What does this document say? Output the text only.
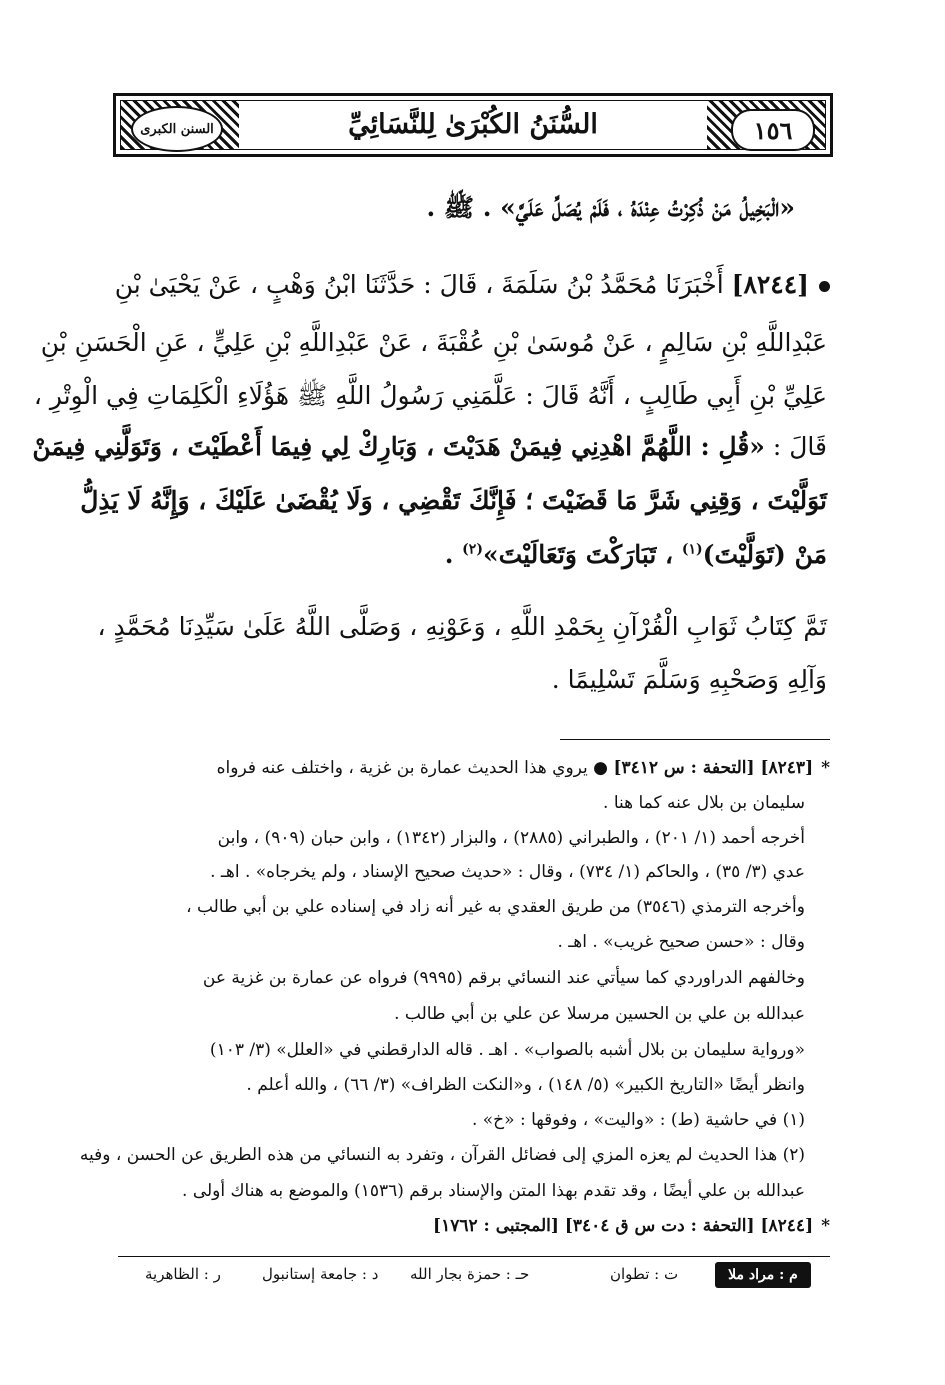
١٥٦
السُّنَنُ الكُبْرَىٰ لِلنَّسَائِيِّ
السنن الكبرى
«الْبَخِيلُ مَنْ ذُكِرْتُ عِنْدَهُ ، فَلَمْ يُصَلِّ عَلَيَّ» . ﷺ .
[٨٢٤٤] أَخْبَرَنَا مُحَمَّدُ بْنُ سَلَمَةَ ، قَالَ : حَدَّثَنَا ابْنُ وَهْبٍ ، عَنْ يَحْيَىٰ بْنِ
عَبْدِاللَّهِ بْنِ سَالِمٍ ، عَنْ مُوسَىٰ بْنِ عُقْبَةَ ، عَنْ عَبْدِاللَّهِ بْنِ عَلِيٍّ ، عَنِ الْحَسَنِ بْنِ
عَلِيِّ بْنِ أَبِي طَالِبٍ ، أَنَّهُ قَالَ : عَلَّمَنِي رَسُولُ اللَّهِ ﷺ هَؤُلَاءِ الْكَلِمَاتِ فِي الْوِتْرِ ،
قَالَ : «قُلِ : اللَّهُمَّ اهْدِنِي فِيمَنْ هَدَيْتَ ، وَبَارِكْ لِي فِيمَا أَعْطَيْتَ ، وَتَوَلَّنِي فِيمَنْ
تَوَلَّيْتَ ، وَقِنِي شَرَّ مَا قَضَيْتَ ؛ فَإِنَّكَ تَقْضِي ، وَلَا يُقْضَىٰ عَلَيْكَ ، وَإِنَّهُ لَا يَذِلُّ
مَنْ (تَوَلَّيْتَ)$^{(١)}$ ، تَبَارَكْتَ وَتَعَالَيْتَ»$^{(٢)}$ .
تَمَّ كِتَابُ ثَوَابِ الْقُرْآنِ بِحَمْدِ اللَّهِ ، وَعَوْنِهِ ، وَصَلَّى اللَّهُ عَلَىٰ سَيِّدِنَا مُحَمَّدٍ ،
وَآلِهِ وَصَحْبِهِ وَسَلَّمَ تَسْلِيمًا .
*[٨٢٤٣] [التحفة : س ٣٤١٢] ● يروي هذا الحديث عمارة بن غزية ، واختلف عنه فرواه
سليمان بن بلال عنه كما هنا .
أخرجه أحمد (١/ ٢٠١) ، والطبراني (٢٨٨٥) ، والبزار (١٣٤٢) ، وابن حبان (٩٠٩) ، وابن
عدي (٣/ ٣٥) ، والحاكم (١/ ٧٣٤) ، وقال : «حديث صحيح الإسناد ، ولم يخرجاه» . اهـ .
وأخرجه الترمذي (٣٥٤٦) من طريق العقدي به غير أنه زاد في إسناده علي بن أبي طالب ،
وقال : «حسن صحيح غريب» . اهـ .
وخالفهم الدراوردي كما سيأتي عند النسائي برقم (٩٩٩٥) فرواه عن عمارة بن غزية عن
عبدالله بن علي بن الحسين مرسلا عن علي بن أبي طالب .
«ورواية سليمان بن بلال أشبه بالصواب» . اهـ . قاله الدارقطني في «العلل» (٣/ ١٠٣)
وانظر أيضًا «التاريخ الكبير» (٥/ ١٤٨) ، و«النكت الظراف» (٣/ ٦٦) ، والله أعلم .
(١) في حاشية (ط) : «واليت» ، وفوقها : «خ» .
(٢) هذا الحديث لم يعزه المزي إلى فضائل القرآن ، وتفرد به النسائي من هذه الطريق عن الحسن ، وفيه
عبدالله بن علي أيضًا ، وقد تقدم بهذا المتن والإسناد برقم (١٥٣٦) والموضع به هناك أولى .
*[٨٢٤٤] [التحفة : دت س ق ٣٤٠٤] [المجتبى : ١٧٦٢]
م : مراد ملا
ت : تطوان
حـ : حمزة بجار الله
د : جامعة إستانبول
ر : الظاهرية
